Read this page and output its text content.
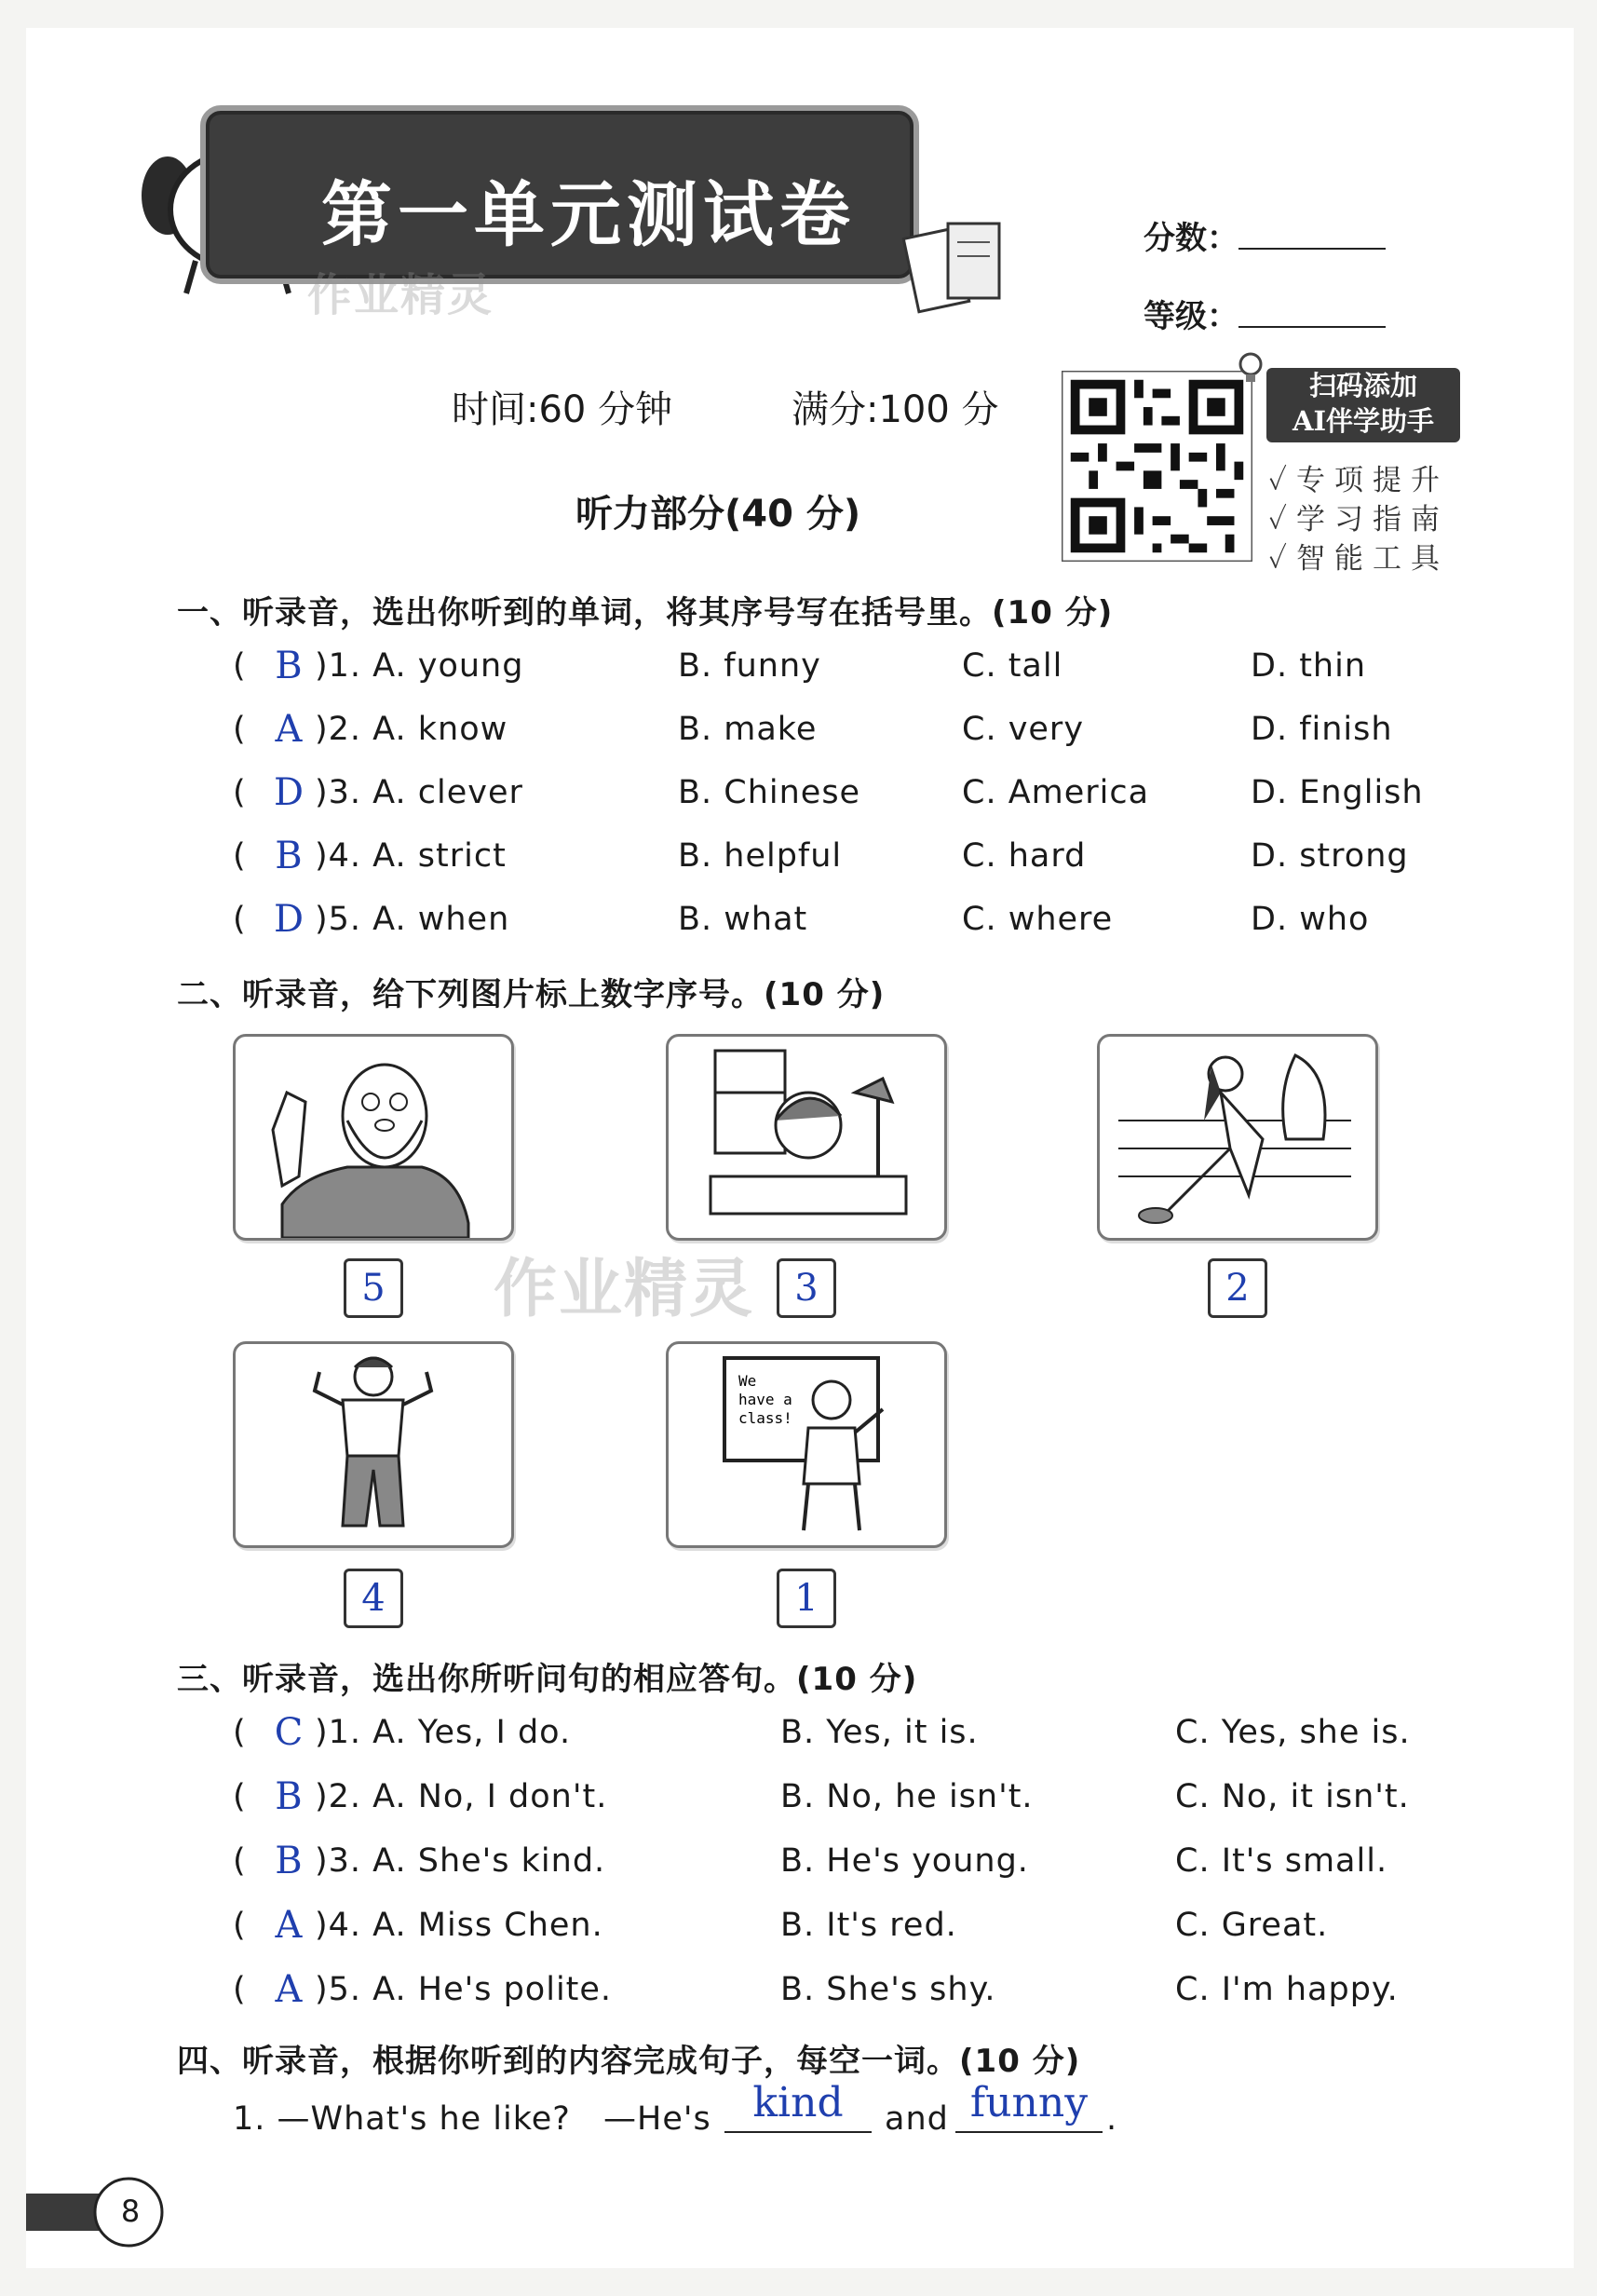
第一单元测试卷
作业精灵
分数：
等级：
时间:60 分钟	满分:100 分
听力部分(40 分)
扫码添加
AI伴学助手
✓专项提升
✓学习指南
✓智能工具
一、听录音，选出你听到的单词，将其序号写在括号里。(10 分)
( B )1. A. young	B. funny	C. tall	D. thin
( A )2. A. know	B. make	C. very	D. finish
( D )3. A. clever	B. Chinese	C. America	D. English
( B )4. A. strict	B. helpful	C. hard	D. strong
( D )5. A. when	B. what	C. where	D. who
二、听录音，给下列图片标上数字序号。(10 分)
5	3	2
作业精灵
We
have a
class!
4	1
三、听录音，选出你所听问句的相应答句。(10 分)
( C )1. A. Yes, I do.	B. Yes, it is.	C. Yes, she is.
( B )2. A. No, I don't.	B. No, he isn't.	C. No, it isn't.
( B )3. A. She's kind.	B. He's young.	C. It's small.
( A )4. A. Miss Chen.	B. It's red.	C. Great.
( A )5. A. He's polite.	B. She's shy.	C. I'm happy.
四、听录音，根据你听到的内容完成句子，每空一词。(10 分)
1. —What's he like? —He's	kind	and funny .
8
